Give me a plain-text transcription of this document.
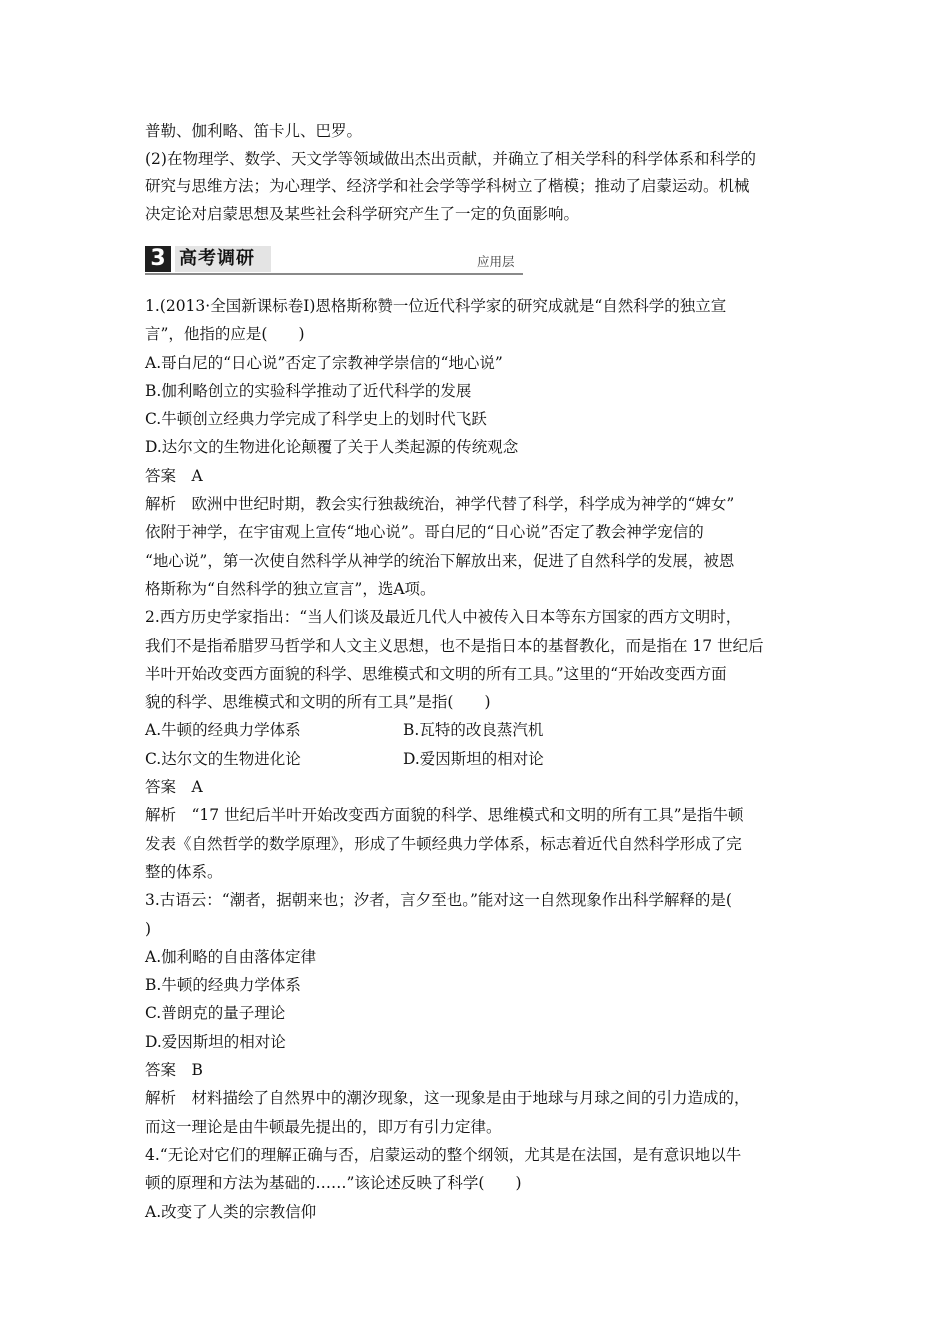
普勒、伽利略、笛卡儿、巴罗。
(2)在物理学、数学、天文学等领域做出杰出贡献，并确立了相关学科的科学体系和科学的
研究与思维方法；为心理学、经济学和社会学等学科树立了楷模；推动了启蒙运动。机械
决定论对启蒙思想及某些社会科学研究产生了一定的负面影响。
3 高考调研	应用层
1.(2013·全国新课标卷Ⅰ)恩格斯称赞一位近代科学家的研究成就是“自然科学的独立宣
言”，他指的应是(　　)
A.哥白尼的“日心说”否定了宗教神学崇信的“地心说”
B.伽利略创立的实验科学推动了近代科学的发展
C.牛顿创立经典力学完成了科学史上的划时代飞跃
D.达尔文的生物进化论颠覆了关于人类起源的传统观念
答案　A
解析　欧洲中世纪时期，教会实行独裁统治，神学代替了科学，科学成为神学的“婢女”
依附于神学，在宇宙观上宣传“地心说”。哥白尼的“日心说”否定了教会神学宠信的
“地心说”，第一次使自然科学从神学的统治下解放出来，促进了自然科学的发展，被恩
格斯称为“自然科学的独立宣言”，选A项。
2.西方历史学家指出：“当人们谈及最近几代人中被传入日本等东方国家的西方文明时，
我们不是指希腊罗马哲学和人文主义思想，也不是指日本的基督教化，而是指在 17 世纪后
半叶开始改变西方面貌的科学、思维模式和文明的所有工具。”这里的“开始改变西方面
貌的科学、思维模式和文明的所有工具”是指(　　)
A.牛顿的经典力学体系	B.瓦特的改良蒸汽机
C.达尔文的生物进化论	D.爱因斯坦的相对论
答案　A
解析　“17 世纪后半叶开始改变西方面貌的科学、思维模式和文明的所有工具”是指牛顿
发表《自然哲学的数学原理》，形成了牛顿经典力学体系，标志着近代自然科学形成了完
整的体系。
3.古语云：“潮者，据朝来也；汐者，言夕至也。”能对这一自然现象作出科学解释的是(
)
A.伽利略的自由落体定律
B.牛顿的经典力学体系
C.普朗克的量子理论
D.爱因斯坦的相对论
答案　B
解析　材料描绘了自然界中的潮汐现象，这一现象是由于地球与月球之间的引力造成的，
而这一理论是由牛顿最先提出的，即万有引力定律。
4.“无论对它们的理解正确与否，启蒙运动的整个纲领，尤其是在法国，是有意识地以牛
顿的原理和方法为基础的……”该论述反映了科学(　　)
A.改变了人类的宗教信仰
